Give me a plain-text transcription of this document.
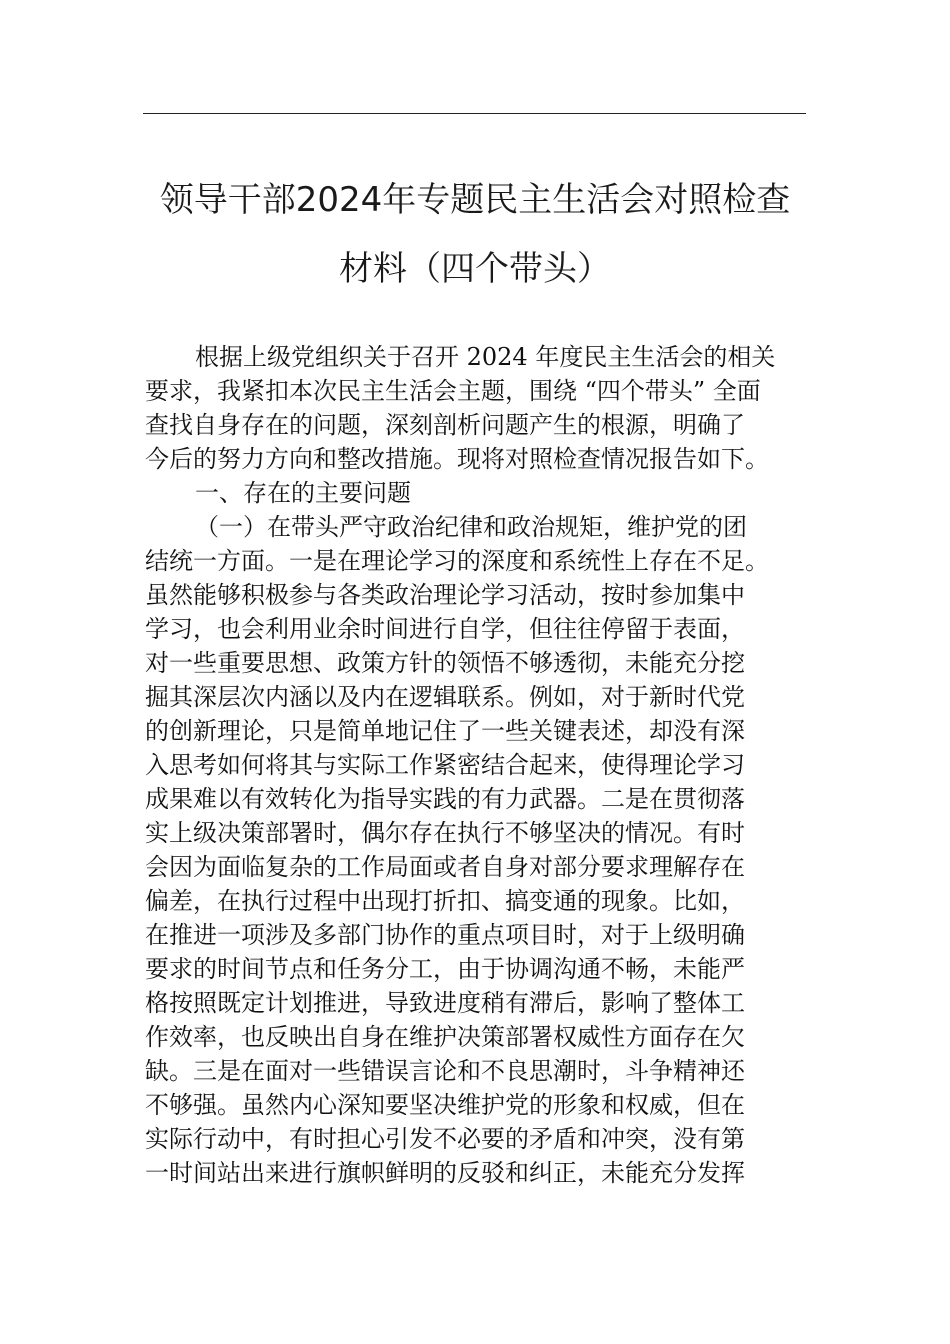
领导干部2024年专题民主生活会对照检查
材料（四个带头）
根据上级党组织关于召开 2024 年度民主生活会的相关
要求，我紧扣本次民主生活会主题，围绕 “四个带头” 全面
查找自身存在的问题，深刻剖析问题产生的根源，明确了
今后的努力方向和整改措施。现将对照检查情况报告如下。
一、存在的主要问题
（一）在带头严守政治纪律和政治规矩，维护党的团
结统一方面。一是在理论学习的深度和系统性上存在不足。
虽然能够积极参与各类政治理论学习活动，按时参加集中
学习，也会利用业余时间进行自学，但往往停留于表面，
对一些重要思想、政策方针的领悟不够透彻，未能充分挖
掘其深层次内涵以及内在逻辑联系。例如，对于新时代党
的创新理论，只是简单地记住了一些关键表述，却没有深
入思考如何将其与实际工作紧密结合起来，使得理论学习
成果难以有效转化为指导实践的有力武器。二是在贯彻落
实上级决策部署时，偶尔存在执行不够坚决的情况。有时
会因为面临复杂的工作局面或者自身对部分要求理解存在
偏差，在执行过程中出现打折扣、搞变通的现象。比如，
在推进一项涉及多部门协作的重点项目时，对于上级明确
要求的时间节点和任务分工，由于协调沟通不畅，未能严
格按照既定计划推进，导致进度稍有滞后，影响了整体工
作效率，也反映出自身在维护决策部署权威性方面存在欠
缺。三是在面对一些错误言论和不良思潮时，斗争精神还
不够强。虽然内心深知要坚决维护党的形象和权威，但在
实际行动中，有时担心引发不必要的矛盾和冲突，没有第
一时间站出来进行旗帜鲜明的反驳和纠正，未能充分发挥
